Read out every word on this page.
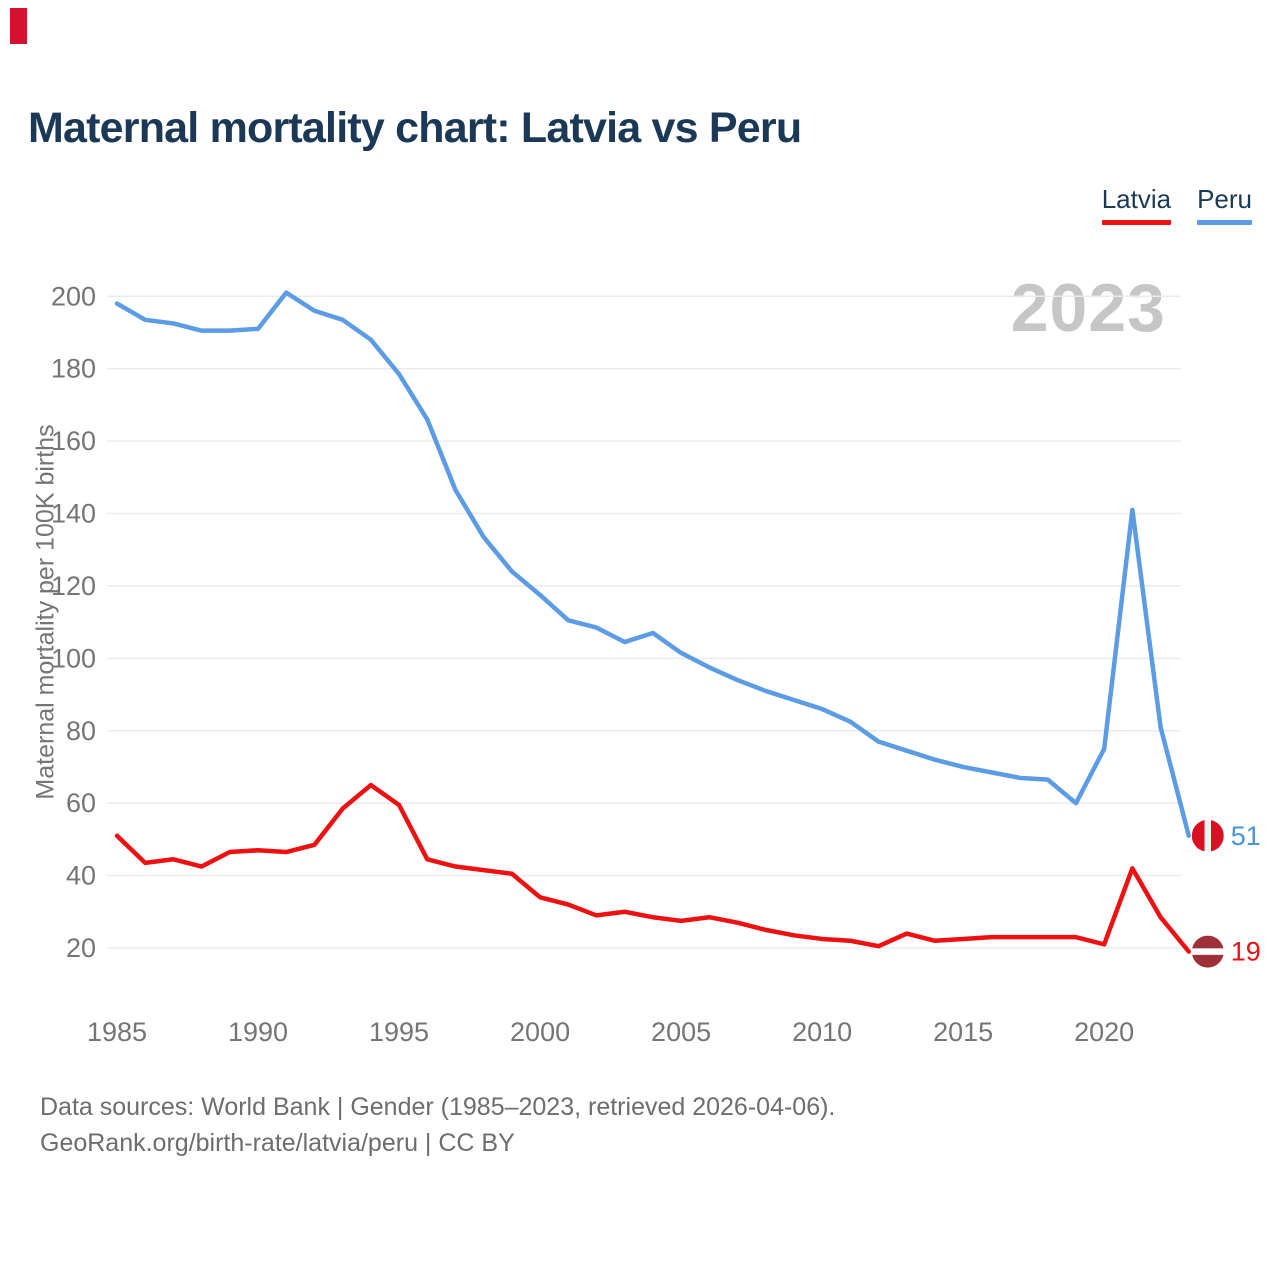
Maternal mortality chart: Latvia vs Peru
Latvia Peru
2023
200
180
160
140
120
100
80
60
40
20
1985	1990	1995	2000	2005	2010	2015	2020
51
19
Maternal mortality per 100K births
Data sources: World Bank | Gender (1985–2023, retrieved 2026-04-06).
GeoRank.org/birth-rate/latvia/peru | CC BY
